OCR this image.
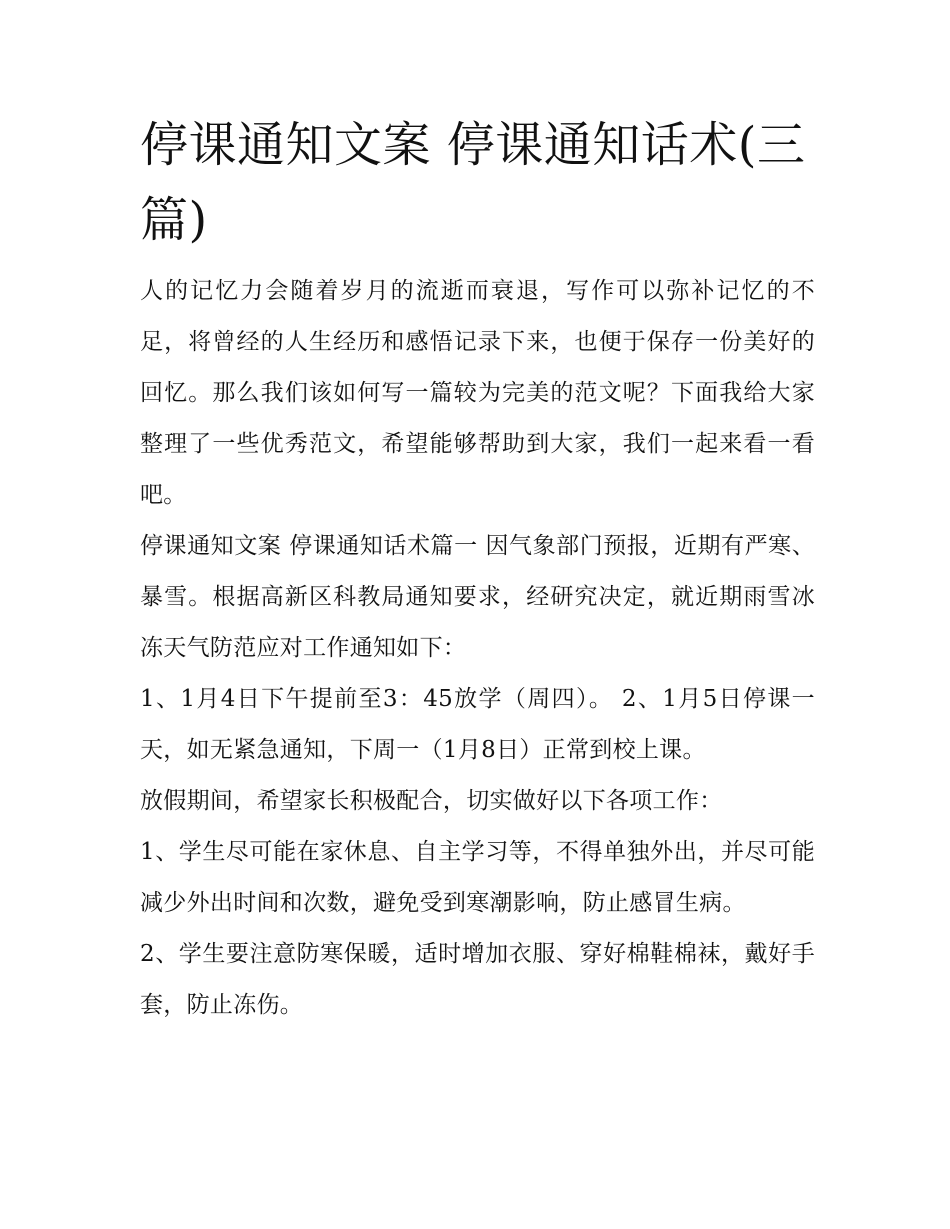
停课通知文案 停课通知话术(三篇)

人的记忆力会随着岁月的流逝而衰退，写作可以弥补记忆的不足，将曾经的人生经历和感悟记录下来，也便于保存一份美好的回忆。那么我们该如何写一篇较为完美的范文呢？下面我给大家整理了一些优秀范文，希望能够帮助到大家，我们一起来看一看吧。

停课通知文案 停课通知话术篇一 因气象部门预报，近期有严寒、暴雪。根据高新区科教局通知要求，经研究决定，就近期雨雪冰冻天气防范应对工作通知如下：

1、1月4日下午提前至3：45放学（周四）。 2、1月5日停课一天，如无紧急通知，下周一（1月8日）正常到校上课。

放假期间，希望家长积极配合，切实做好以下各项工作：

1、学生尽可能在家休息、自主学习等，不得单独外出，并尽可能减少外出时间和次数，避免受到寒潮影响，防止感冒生病。

2、学生要注意防寒保暖，适时增加衣服、穿好棉鞋棉袜，戴好手套，防止冻伤。
